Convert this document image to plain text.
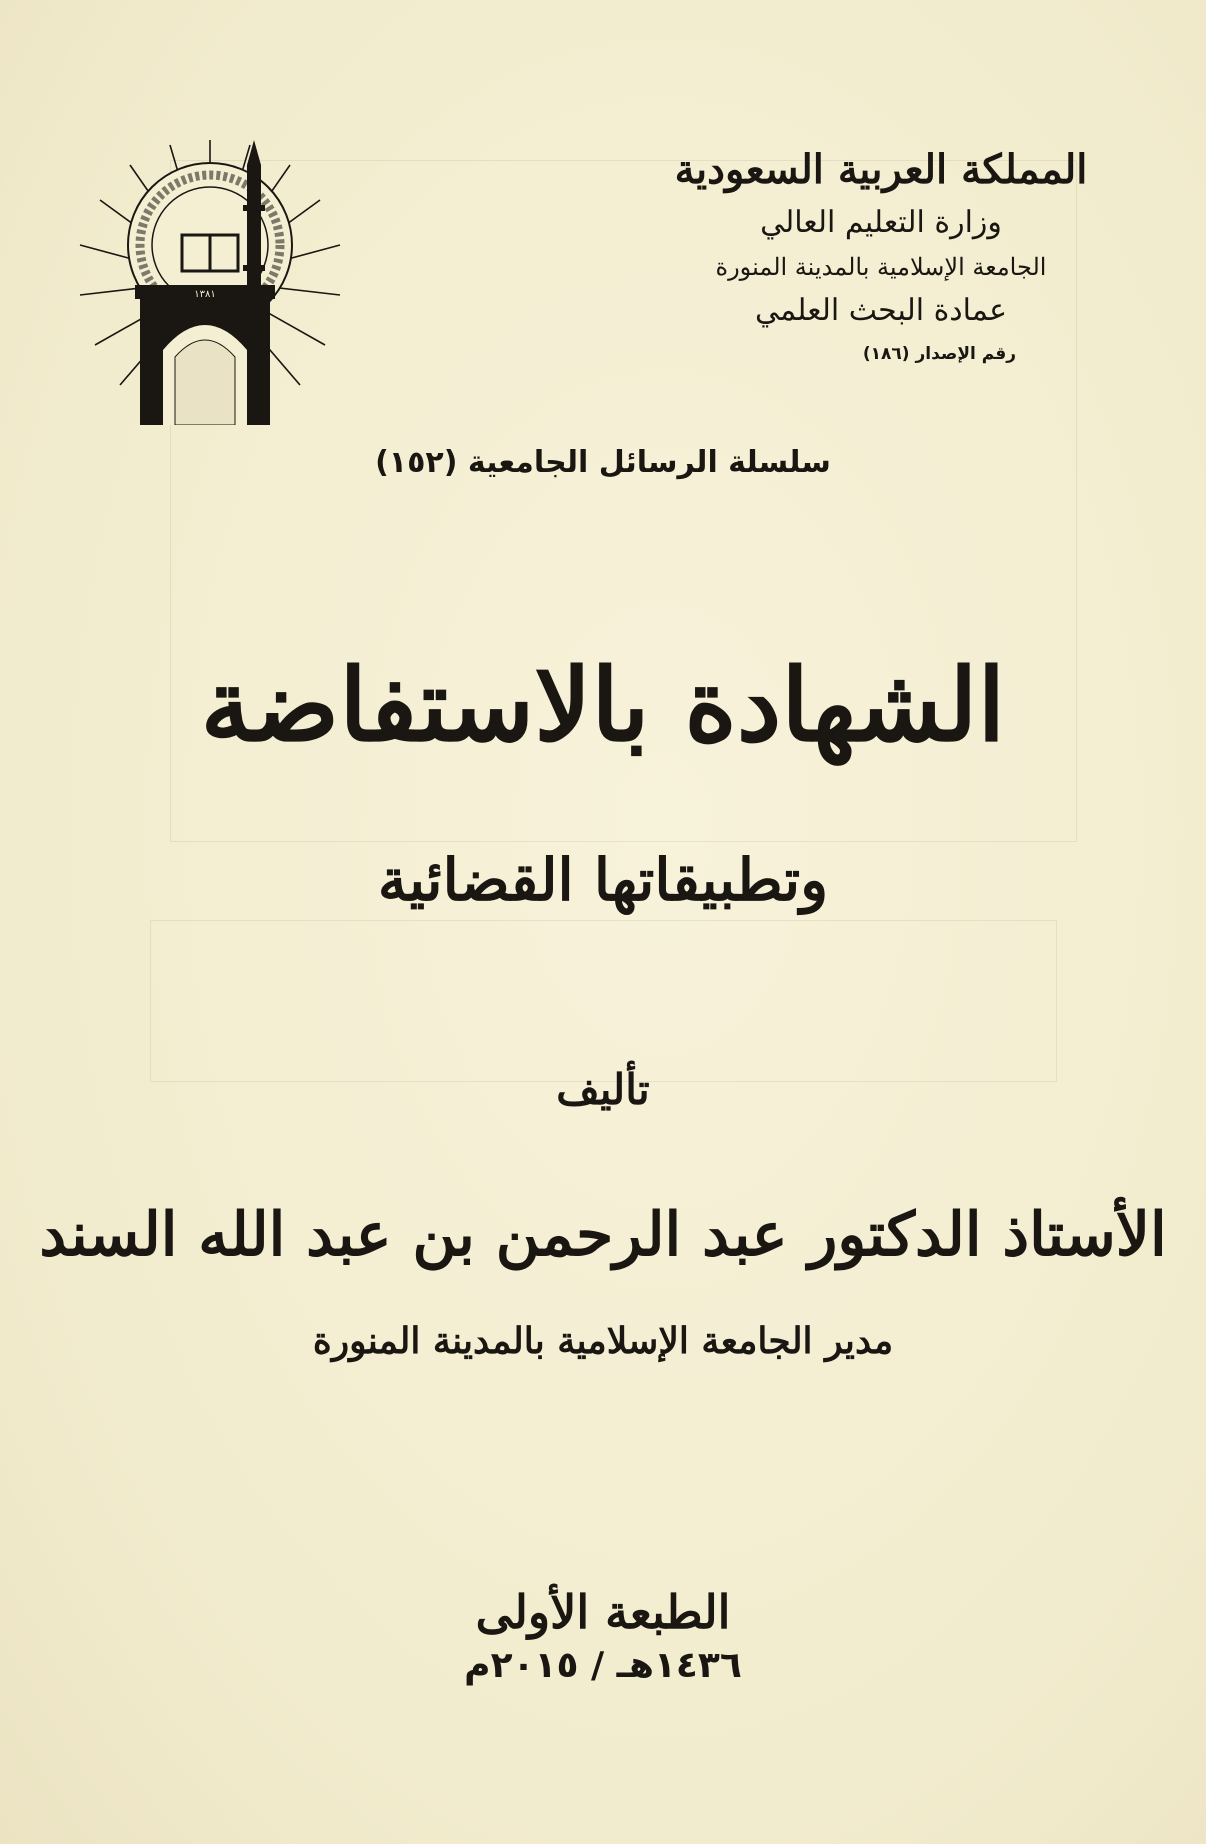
المملكة العربية السعودية
وزارة التعليم العالي
الجامعة الإسلامية بالمدينة المنورة
عمادة البحث العلمي
رقم الإصدار (١٨٦)
١٣٨١
سلسلة الرسائل الجامعية (١٥٢)
الشهادة بالاستفاضة
وتطبيقاتها القضائية
تأليف
الأستاذ الدكتور عبد الرحمن بن عبد الله السند
مدير الجامعة الإسلامية بالمدينة المنورة
الطبعة الأولى
١٤٣٦هـ / ٢٠١٥م
